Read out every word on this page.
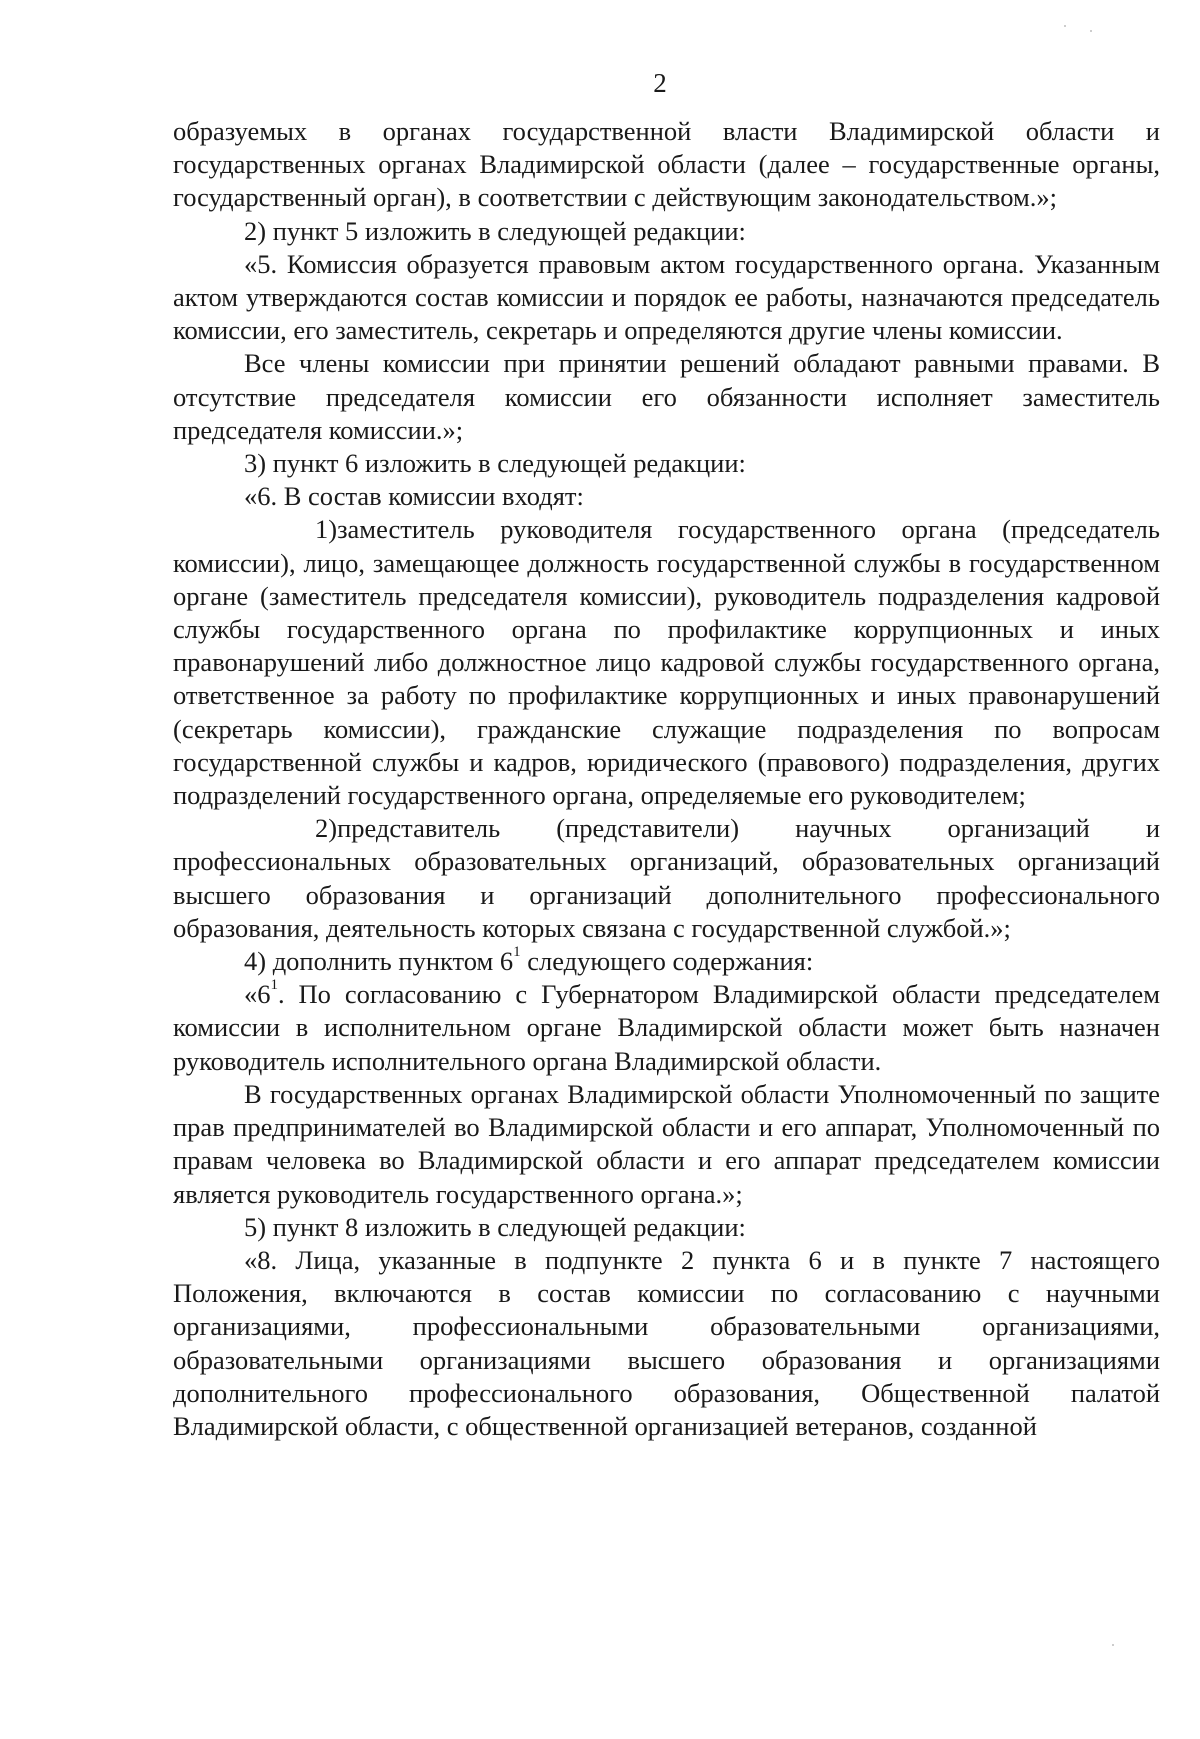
2

образуемых в органах государственной власти Владимирской области и государственных органах Владимирской области (далее – государственные органы, государственный орган), в соответствии с действующим законодательством.»;

2) пункт 5 изложить в следующей редакции:

«5. Комиссия образуется правовым актом государственного органа. Указанным актом утверждаются состав комиссии и порядок ее работы, назначаются председатель комиссии, его заместитель, секретарь и определяются другие члены комиссии.

Все члены комиссии при принятии решений обладают равными правами. В отсутствие председателя комиссии его обязанности исполняет заместитель председателя комиссии.»;

3) пункт 6 изложить в следующей редакции:

«6. В состав комиссии входят:

1)заместитель руководителя государственного органа (председатель комиссии), лицо, замещающее должность государственной службы в государственном органе (заместитель председателя комиссии), руководитель подразделения кадровой службы государственного органа по профилактике коррупционных и иных правонарушений либо должностное лицо кадровой службы государственного органа, ответственное за работу по профилактике коррупционных и иных правонарушений (секретарь комиссии), гражданские служащие подразделения по вопросам государственной службы и кадров, юридического (правового) подразделения, других подразделений государственного органа, определяемые его руководителем;

2)представитель (представители) научных организаций и профессиональных образовательных организаций, образовательных организаций высшего образования и организаций дополнительного профессионального образования, деятельность которых связана с государственной службой.»;

4) дополнить пунктом $6^1$ следующего содержания:

«$6^1$. По согласованию с Губернатором Владимирской области председателем комиссии в исполнительном органе Владимирской области может быть назначен руководитель исполнительного органа Владимирской области.

В государственных органах Владимирской области Уполномоченный по защите прав предпринимателей во Владимирской области и его аппарат, Уполномоченный по правам человека во Владимирской области и его аппарат председателем комиссии является руководитель государственного органа.»;

5) пункт 8 изложить в следующей редакции:

«8. Лица, указанные в подпункте 2 пункта 6 и в пункте 7 настоящего Положения, включаются в состав комиссии по согласованию с научными организациями, профессиональными образовательными организациями, образовательными организациями высшего образования и организациями дополнительного профессионального образования, Общественной палатой Владимирской области, с общественной организацией ветеранов, созданной
